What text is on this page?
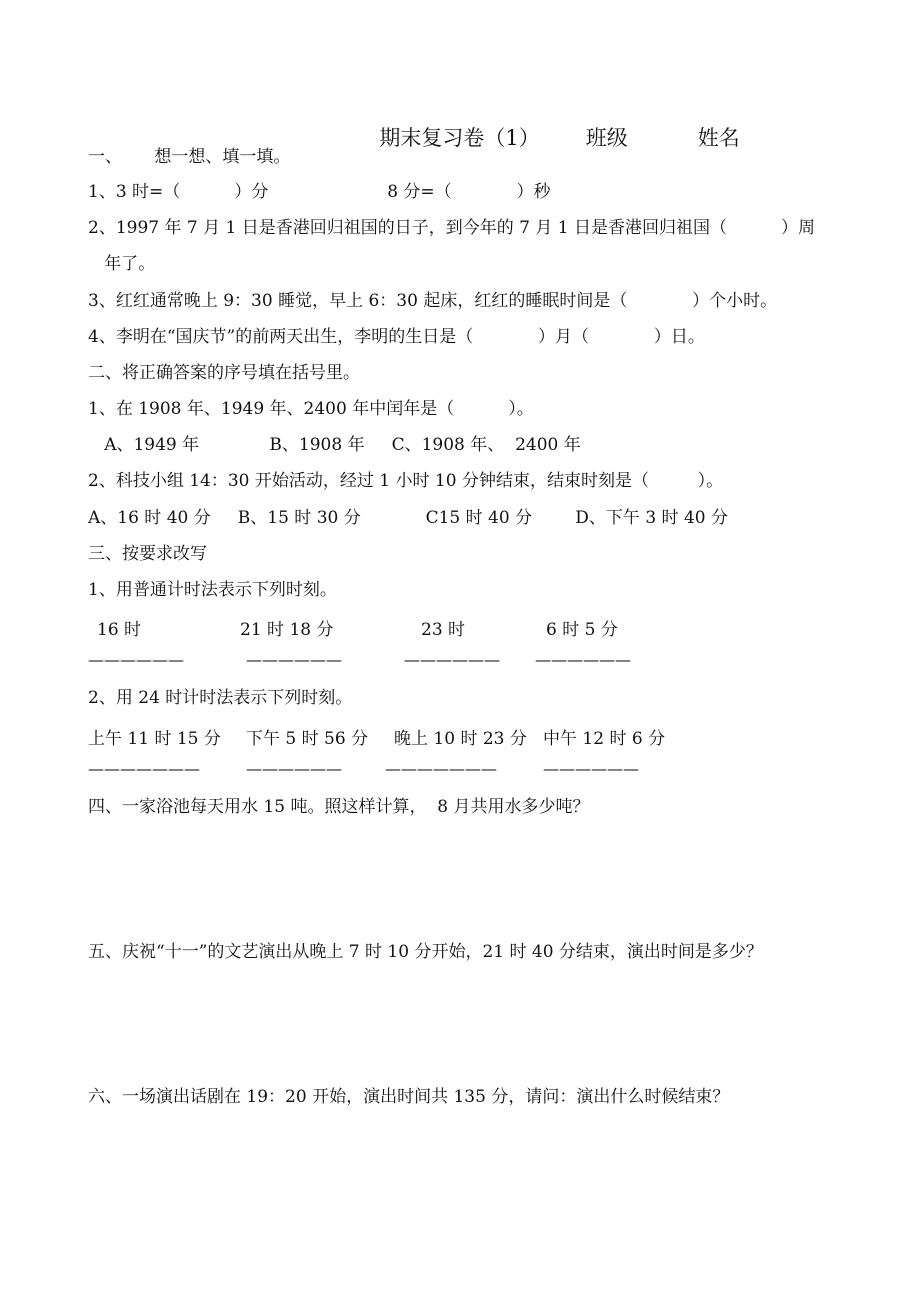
期末复习卷（1） 班级	姓名

一、      想一想、填一填。
1、3 时=（          ）分                      8 分=（            ）秒
2、1997 年 7 月 1 日是香港回归祖国的日子，到今年的 7 月 1 日是香港回归祖国（          ）周
年了。
3、红红通常晚上 9：30 睡觉，早上 6：30 起床，红红的睡眠时间是（            ）个小时。
4、李明在“国庆节”的前两天出生，李明的生日是（            ）月（            ）日。
二、将正确答案的序号填在括号里。
1、在 1908 年、1949 年、2400 年中闰年是（          ）。
A、1949 年             B、1908 年     C、1908 年、  2400 年
2、科技小组 14：30 开始活动，经过 1 小时 10 分钟结束，结束时刻是（         ）。
A、16 时 40 分     B、15 时 30 分            C15 时 40 分        D、下午 3 时 40 分
三、按要求改写
1、用普通计时法表示下列时刻。
16 时	21 时 18 分	23 时	6 时 5 分
——————	——————	—————— ——————
2、用 24 时计时法表示下列时刻。
上午 11 时 15 分 下午 5 时 56 分 晚上 10 时 23 分 中午 12 时 6 分
———————	——————	———————	——————
四、一家浴池每天用水 15 吨。照这样计算，  8 月共用水多少吨？
五、庆祝“十一”的文艺演出从晚上 7 时 10 分开始，21 时 40 分结束，演出时间是多少？
六、一场演出话剧在 19：20 开始，演出时间共 135 分，请问：演出什么时候结束？
